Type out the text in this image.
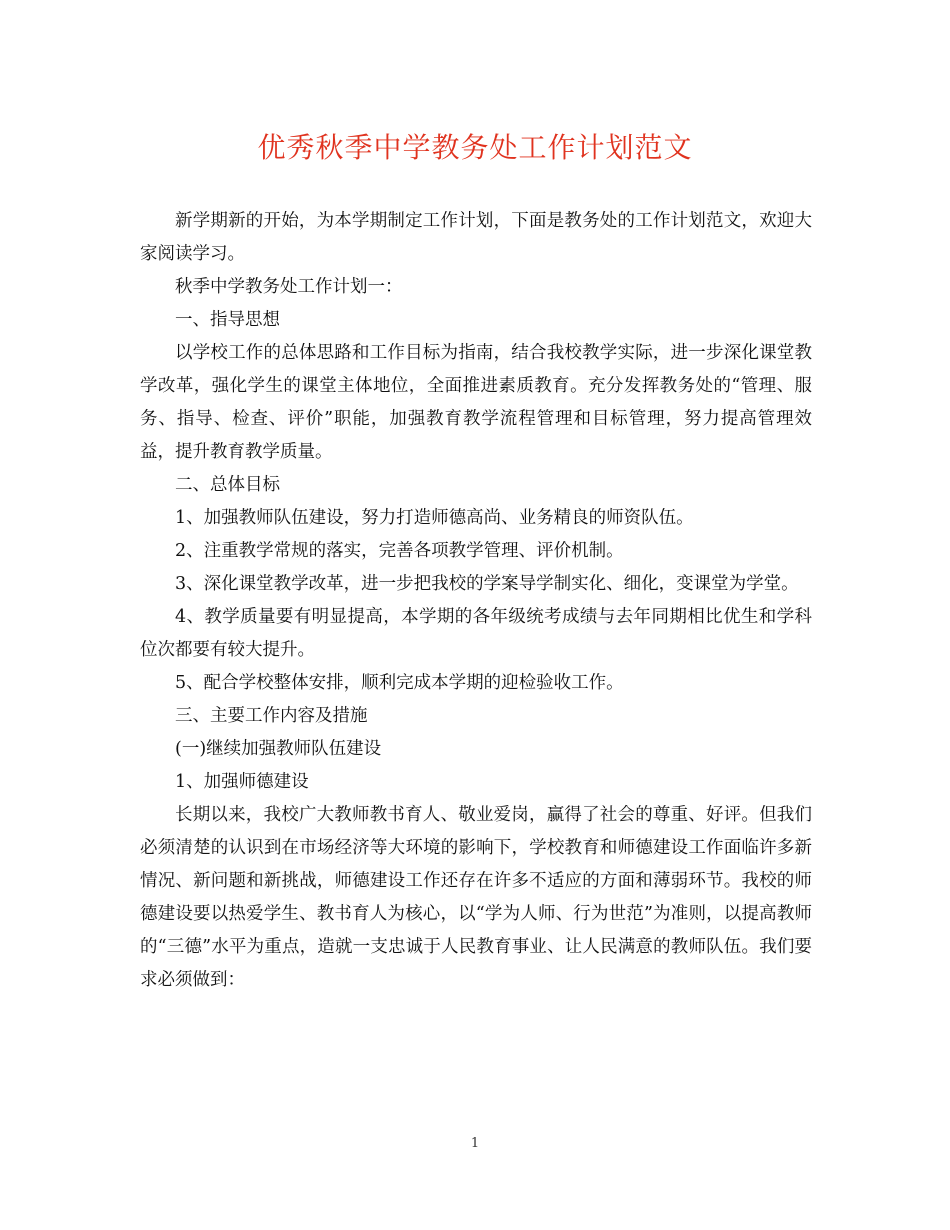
优秀秋季中学教务处工作计划范文

新学期新的开始，为本学期制定工作计划，下面是教务处的工作计划范文，欢迎大家阅读学习。

秋季中学教务处工作计划一：

一、指导思想

以学校工作的总体思路和工作目标为指南，结合我校教学实际，进一步深化课堂教学改革，强化学生的课堂主体地位，全面推进素质教育。充分发挥教务处的“管理、服务、指导、检查、评价”职能，加强教育教学流程管理和目标管理，努力提高管理效益，提升教育教学质量。

二、总体目标

1、加强教师队伍建设，努力打造师德高尚、业务精良的师资队伍。

2、注重教学常规的落实，完善各项教学管理、评价机制。

3、深化课堂教学改革，进一步把我校的学案导学制实化、细化，变课堂为学堂。

4、教学质量要有明显提高，本学期的各年级统考成绩与去年同期相比优生和学科位次都要有较大提升。

5、配合学校整体安排，顺利完成本学期的迎检验收工作。

三、主要工作内容及措施

(一)继续加强教师队伍建设

1、加强师德建设

长期以来，我校广大教师教书育人、敬业爱岗，赢得了社会的尊重、好评。但我们必须清楚的认识到在市场经济等大环境的影响下，学校教育和师德建设工作面临许多新情况、新问题和新挑战，师德建设工作还存在许多不适应的方面和薄弱环节。我校的师德建设要以热爱学生、教书育人为核心，以“学为人师、行为世范”为准则，以提高教师的“三德”水平为重点，造就一支忠诚于人民教育事业、让人民满意的教师队伍。我们要求必须做到：

1
